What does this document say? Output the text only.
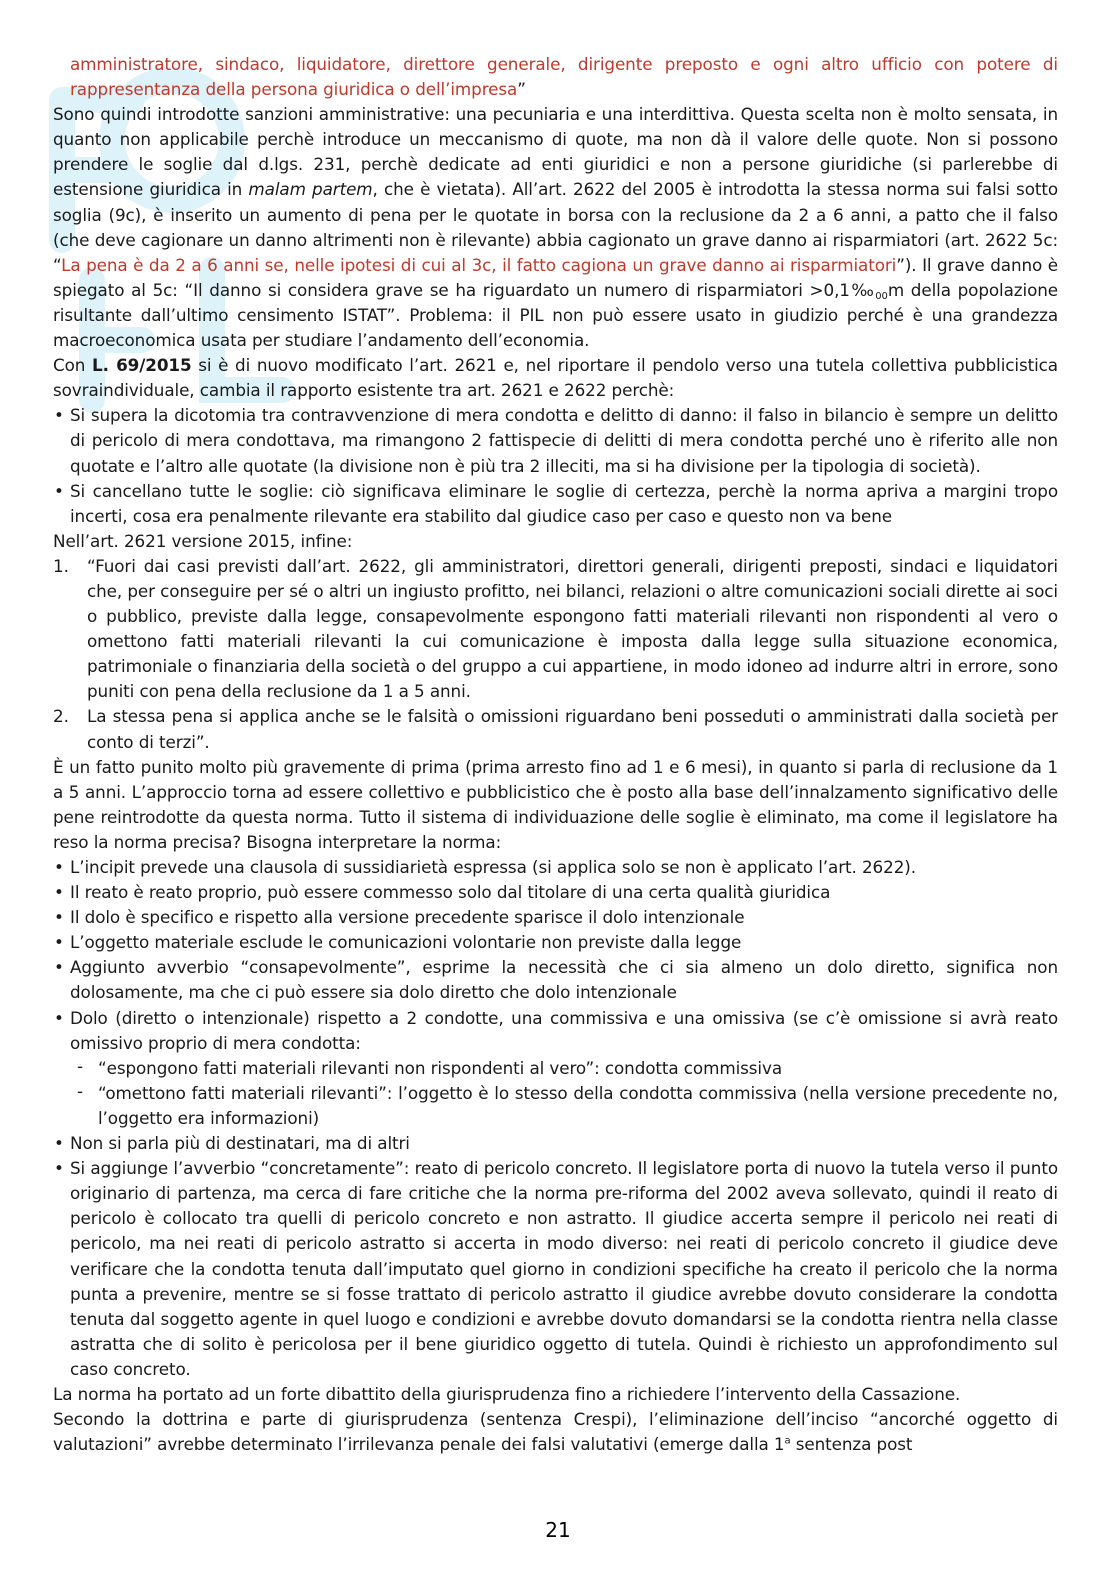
amministratore, sindaco, liquidatore, direttore generale, dirigente preposto e ogni altro ufficio con potere di rappresentanza della persona giuridica o dell’impresa”

Sono quindi introdotte sanzioni amministrative: una pecuniaria e una interdittiva. Questa scelta non è molto sensata, in quanto non applicabile perchè introduce un meccanismo di quote, ma non dà il valore delle quote. Non si possono prendere le soglie dal d.lgs. 231, perchè dedicate ad enti giuridici e non a persone giuridiche (si parlerebbe di estensione giuridica in malam partem, che è vietata). All’art. 2622 del 2005 è introdotta la stessa norma sui falsi sotto soglia (9c), è inserito un aumento di pena per le quotate in borsa con la reclusione da 2 a 6 anni, a patto che il falso (che deve cagionare un danno altrimenti non è rilevante) abbia cagionato un grave danno ai risparmiatori (art. 2622 5c: “La pena è da 2 a 6 anni se, nelle ipotesi di cui al 3c, il fatto cagiona un grave danno ai risparmiatori”). Il grave danno è spiegato al 5c: “Il danno si considera grave se ha riguardato un numero di risparmiatori $>0,1‰_{00}m$ della popolazione risultante dall’ultimo censimento ISTAT”. Problema: il PIL non può essere usato in giudizio perché è una grandezza macroeconomica usata per studiare l’andamento dell’economia.

Con L. 69/2015 si è di nuovo modificato l’art. 2621 e, nel riportare il pendolo verso una tutela collettiva pubblicistica sovraindividuale, cambia il rapporto esistente tra art. 2621 e 2622 perchè:

• Si supera la dicotomia tra contravvenzione di mera condotta e delitto di danno: il falso in bilancio è sempre un delitto di pericolo di mera condottava, ma rimangono 2 fattispecie di delitti di mera condotta perché uno è riferito alle non quotate e l’altro alle quotate (la divisione non è più tra 2 illeciti, ma si ha divisione per la tipologia di società).

• Si cancellano tutte le soglie: ciò significava eliminare le soglie di certezza, perchè la norma apriva a margini tropo incerti, cosa era penalmente rilevante era stabilito dal giudice caso per caso e questo non va bene

Nell’art. 2621 versione 2015, infine:

1. “Fuori dai casi previsti dall’art. 2622, gli amministratori, direttori generali, dirigenti preposti, sindaci e liquidatori che, per conseguire per sé o altri un ingiusto profitto, nei bilanci, relazioni o altre comunicazioni sociali dirette ai soci o pubblico, previste dalla legge, consapevolmente espongono fatti materiali rilevanti non rispondenti al vero o omettono fatti materiali rilevanti la cui comunicazione è imposta dalla legge sulla situazione economica, patrimoniale o finanziaria della società o del gruppo a cui appartiene, in modo idoneo ad indurre altri in errore, sono puniti con pena della reclusione da 1 a 5 anni.

2. La stessa pena si applica anche se le falsità o omissioni riguardano beni posseduti o amministrati dalla società per conto di terzi”.

È un fatto punito molto più gravemente di prima (prima arresto fino ad 1 e 6 mesi), in quanto si parla di reclusione da 1 a 5 anni. L’approccio torna ad essere collettivo e pubblicistico che è posto alla base dell’innalzamento significativo delle pene reintrodotte da questa norma. Tutto il sistema di individuazione delle soglie è eliminato, ma come il legislatore ha reso la norma precisa? Bisogna interpretare la norma:

• L’incipit prevede una clausola di sussidiarietà espressa (si applica solo se non è applicato l’art. 2622).

• Il reato è reato proprio, può essere commesso solo dal titolare di una certa qualità giuridica

• Il dolo è specifico e rispetto alla versione precedente sparisce il dolo intenzionale

• L’oggetto materiale esclude le comunicazioni volontarie non previste dalla legge

• Aggiunto avverbio “consapevolmente”, esprime la necessità che ci sia almeno un dolo diretto, significa non dolosamente, ma che ci può essere sia dolo diretto che dolo intenzionale

• Dolo (diretto o intenzionale) rispetto a 2 condotte, una commissiva e una omissiva (se c’è omissione si avrà reato omissivo proprio di mera condotta:

- “espongono fatti materiali rilevanti non rispondenti al vero”: condotta commissiva

- “omettono fatti materiali rilevanti”: l’oggetto è lo stesso della condotta commissiva (nella versione precedente no, l’oggetto era informazioni)

• Non si parla più di destinatari, ma di altri

• Si aggiunge l’avverbio “concretamente”: reato di pericolo concreto. Il legislatore porta di nuovo la tutela verso il punto originario di partenza, ma cerca di fare critiche che la norma pre-riforma del 2002 aveva sollevato, quindi il reato di pericolo è collocato tra quelli di pericolo concreto e non astratto. Il giudice accerta sempre il pericolo nei reati di pericolo, ma nei reati di pericolo astratto si accerta in modo diverso: nei reati di pericolo concreto il giudice deve verificare che la condotta tenuta dall’imputato quel giorno in condizioni specifiche ha creato il pericolo che la norma punta a prevenire, mentre se si fosse trattato di pericolo astratto il giudice avrebbe dovuto considerare la condotta tenuta dal soggetto agente in quel luogo e condizioni e avrebbe dovuto domandarsi se la condotta rientra nella classe astratta che di solito è pericolosa per il bene giuridico oggetto di tutela. Quindi è richiesto un approfondimento sul caso concreto.

La norma ha portato ad un forte dibattito della giurisprudenza fino a richiedere l’intervento della Cassazione.

Secondo la dottrina e parte di giurisprudenza (sentenza Crespi), l’eliminazione dell’inciso “ancorché oggetto di valutazioni” avrebbe determinato l’irrilevanza penale dei falsi valutativi (emerge dalla 1$^a$ sentenza post

21
